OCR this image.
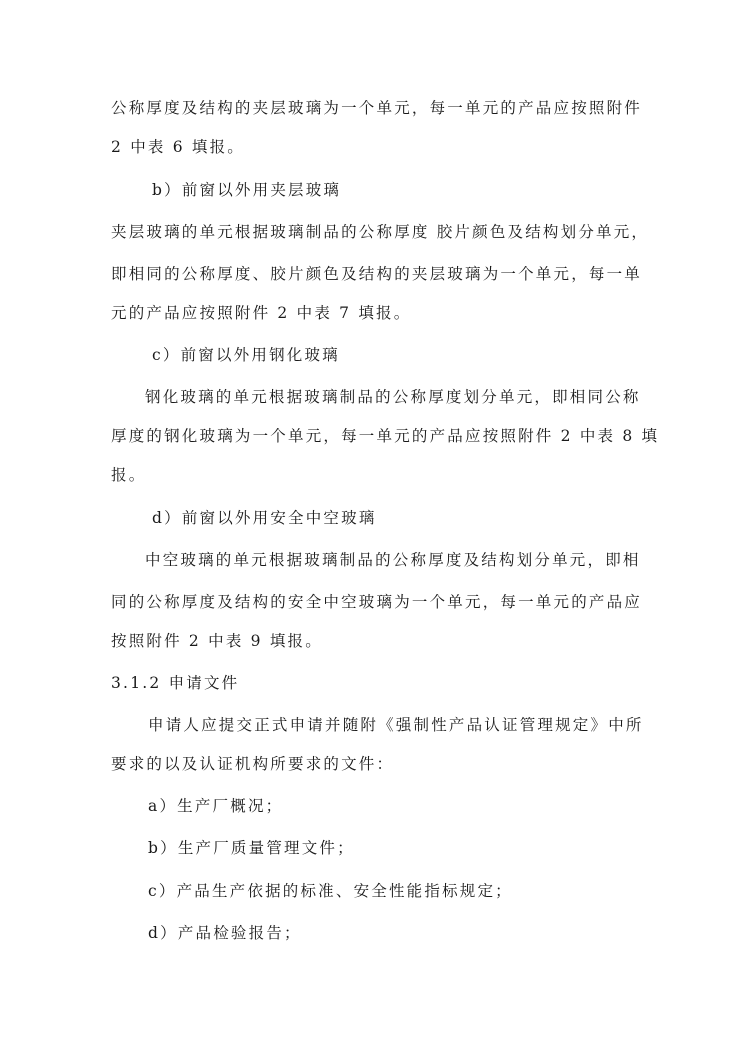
公称厚度及结构的夹层玻璃为一个单元，每一单元的产品应按照附件
2 中表 6 填报。
b）前窗以外用夹层玻璃
夹层玻璃的单元根据玻璃制品的公称厚度 胶片颜色及结构划分单元，
即相同的公称厚度、胶片颜色及结构的夹层玻璃为一个单元，每一单
元的产品应按照附件 2 中表 7 填报。
c）前窗以外用钢化玻璃
钢化玻璃的单元根据玻璃制品的公称厚度划分单元，即相同公称
厚度的钢化玻璃为一个单元，每一单元的产品应按照附件 2 中表 8 填
报。
d）前窗以外用安全中空玻璃
中空玻璃的单元根据玻璃制品的公称厚度及结构划分单元，即相
同的公称厚度及结构的安全中空玻璃为一个单元，每一单元的产品应
按照附件 2 中表 9 填报。
3.1.2 申请文件
申请人应提交正式申请并随附《强制性产品认证管理规定》中所
要求的以及认证机构所要求的文件：
a）生产厂概况；
b）生产厂质量管理文件；
c）产品生产依据的标准、安全性能指标规定；
d）产品检验报告；
